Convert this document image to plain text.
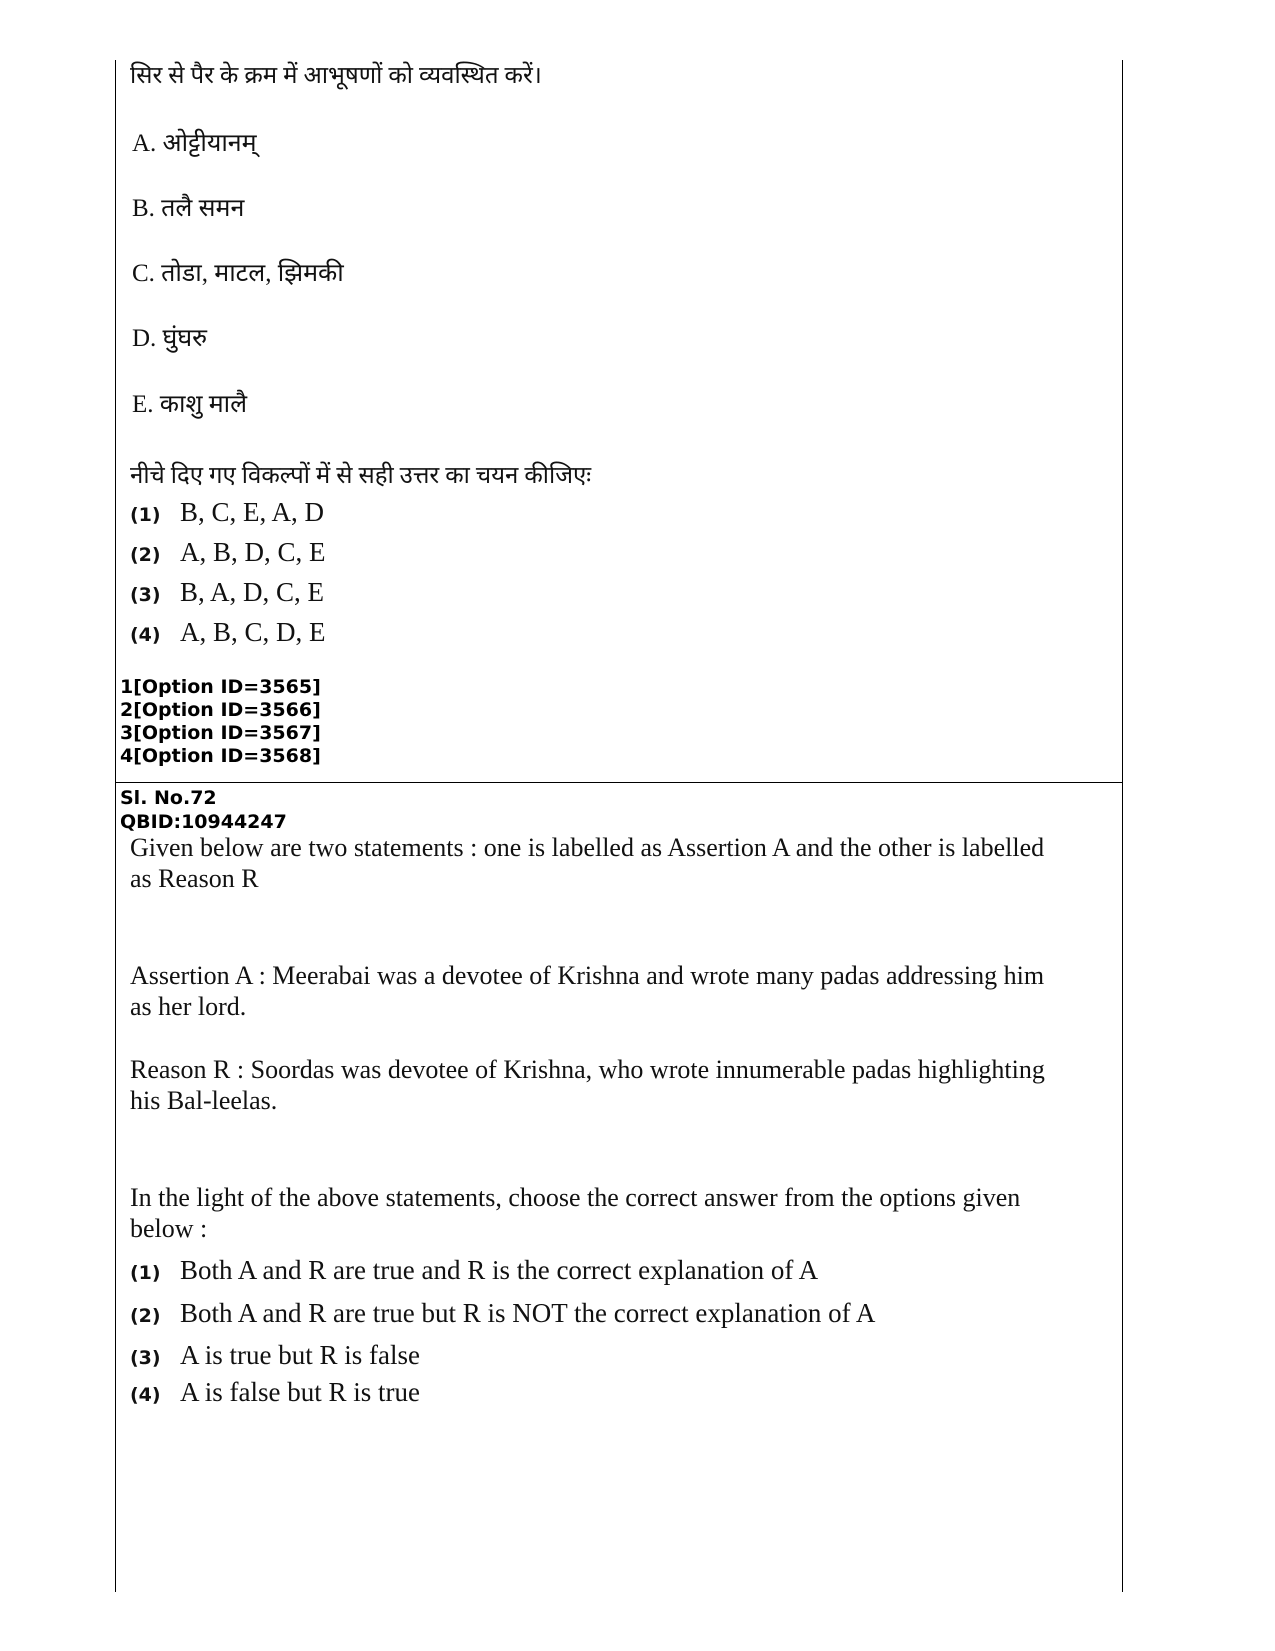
सिर से पैर के क्रम में आभूषणों को व्यवस्थित करें।
A. ओट्टीयानम्
B. तलै समन
C. तोडा, माटल, झिमकी
D. घुंघरु
E. काशु मालै
नीचे दिए गए विकल्पों में से सही उत्तर का चयन कीजिएः
(1) B, C, E, A, D
(2) A, B, D, C, E
(3) B, A, D, C, E
(4) A, B, C, D, E
1[Option ID=3565]
2[Option ID=3566]
3[Option ID=3567]
4[Option ID=3568]
Sl. No.72
QBID:10944247
Given below are two statements : one is labelled as Assertion A and the other is labelled as Reason R
Assertion A : Meerabai was a devotee of Krishna and wrote many padas addressing him as her lord.
Reason R : Soordas was devotee of Krishna, who wrote innumerable padas highlighting his Bal-leelas.
In the light of the above statements, choose the correct answer from the options given below :
(1) Both A and R are true and R is the correct explanation of A
(2) Both A and R are true but R is NOT the correct explanation of A
(3) A is true but R is false
(4) A is false but R is true
